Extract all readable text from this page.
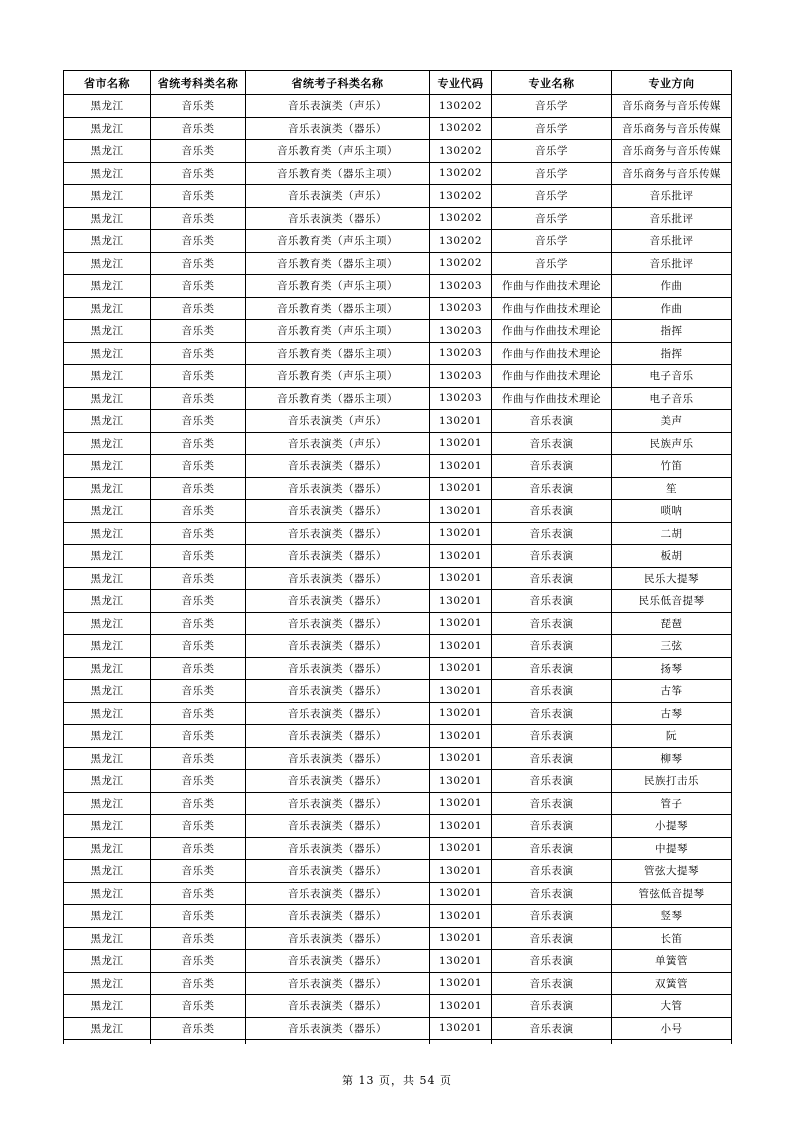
省市名称	省统考科类名称	省统考子科类名称	专业代码	专业名称	专业方向
黑龙江	音乐类	音乐表演类（声乐）	130202	音乐学	音乐商务与音乐传媒
黑龙江	音乐类	音乐表演类（器乐）	130202	音乐学	音乐商务与音乐传媒
黑龙江	音乐类	音乐教育类（声乐主项）	130202	音乐学	音乐商务与音乐传媒
黑龙江	音乐类	音乐教育类（器乐主项）	130202	音乐学	音乐商务与音乐传媒
黑龙江	音乐类	音乐表演类（声乐）	130202	音乐学	音乐批评
黑龙江	音乐类	音乐表演类（器乐）	130202	音乐学	音乐批评
黑龙江	音乐类	音乐教育类（声乐主项）	130202	音乐学	音乐批评
黑龙江	音乐类	音乐教育类（器乐主项）	130202	音乐学	音乐批评
黑龙江	音乐类	音乐教育类（声乐主项）	130203	作曲与作曲技术理论	作曲
黑龙江	音乐类	音乐教育类（器乐主项）	130203	作曲与作曲技术理论	作曲
黑龙江	音乐类	音乐教育类（声乐主项）	130203	作曲与作曲技术理论	指挥
黑龙江	音乐类	音乐教育类（器乐主项）	130203	作曲与作曲技术理论	指挥
黑龙江	音乐类	音乐教育类（声乐主项）	130203	作曲与作曲技术理论	电子音乐
黑龙江	音乐类	音乐教育类（器乐主项）	130203	作曲与作曲技术理论	电子音乐
黑龙江	音乐类	音乐表演类（声乐）	130201	音乐表演	美声
黑龙江	音乐类	音乐表演类（声乐）	130201	音乐表演	民族声乐
黑龙江	音乐类	音乐表演类（器乐）	130201	音乐表演	竹笛
黑龙江	音乐类	音乐表演类（器乐）	130201	音乐表演	笙
黑龙江	音乐类	音乐表演类（器乐）	130201	音乐表演	唢呐
黑龙江	音乐类	音乐表演类（器乐）	130201	音乐表演	二胡
黑龙江	音乐类	音乐表演类（器乐）	130201	音乐表演	板胡
黑龙江	音乐类	音乐表演类（器乐）	130201	音乐表演	民乐大提琴
黑龙江	音乐类	音乐表演类（器乐）	130201	音乐表演	民乐低音提琴
黑龙江	音乐类	音乐表演类（器乐）	130201	音乐表演	琵琶
黑龙江	音乐类	音乐表演类（器乐）	130201	音乐表演	三弦
黑龙江	音乐类	音乐表演类（器乐）	130201	音乐表演	扬琴
黑龙江	音乐类	音乐表演类（器乐）	130201	音乐表演	古筝
黑龙江	音乐类	音乐表演类（器乐）	130201	音乐表演	古琴
黑龙江	音乐类	音乐表演类（器乐）	130201	音乐表演	阮
黑龙江	音乐类	音乐表演类（器乐）	130201	音乐表演	柳琴
黑龙江	音乐类	音乐表演类（器乐）	130201	音乐表演	民族打击乐
黑龙江	音乐类	音乐表演类（器乐）	130201	音乐表演	管子
黑龙江	音乐类	音乐表演类（器乐）	130201	音乐表演	小提琴
黑龙江	音乐类	音乐表演类（器乐）	130201	音乐表演	中提琴
黑龙江	音乐类	音乐表演类（器乐）	130201	音乐表演	管弦大提琴
黑龙江	音乐类	音乐表演类（器乐）	130201	音乐表演	管弦低音提琴
黑龙江	音乐类	音乐表演类（器乐）	130201	音乐表演	竖琴
黑龙江	音乐类	音乐表演类（器乐）	130201	音乐表演	长笛
黑龙江	音乐类	音乐表演类（器乐）	130201	音乐表演	单簧管
黑龙江	音乐类	音乐表演类（器乐）	130201	音乐表演	双簧管
黑龙江	音乐类	音乐表演类（器乐）	130201	音乐表演	大管
黑龙江	音乐类	音乐表演类（器乐）	130201	音乐表演	小号

第 13 页，共 54 页
